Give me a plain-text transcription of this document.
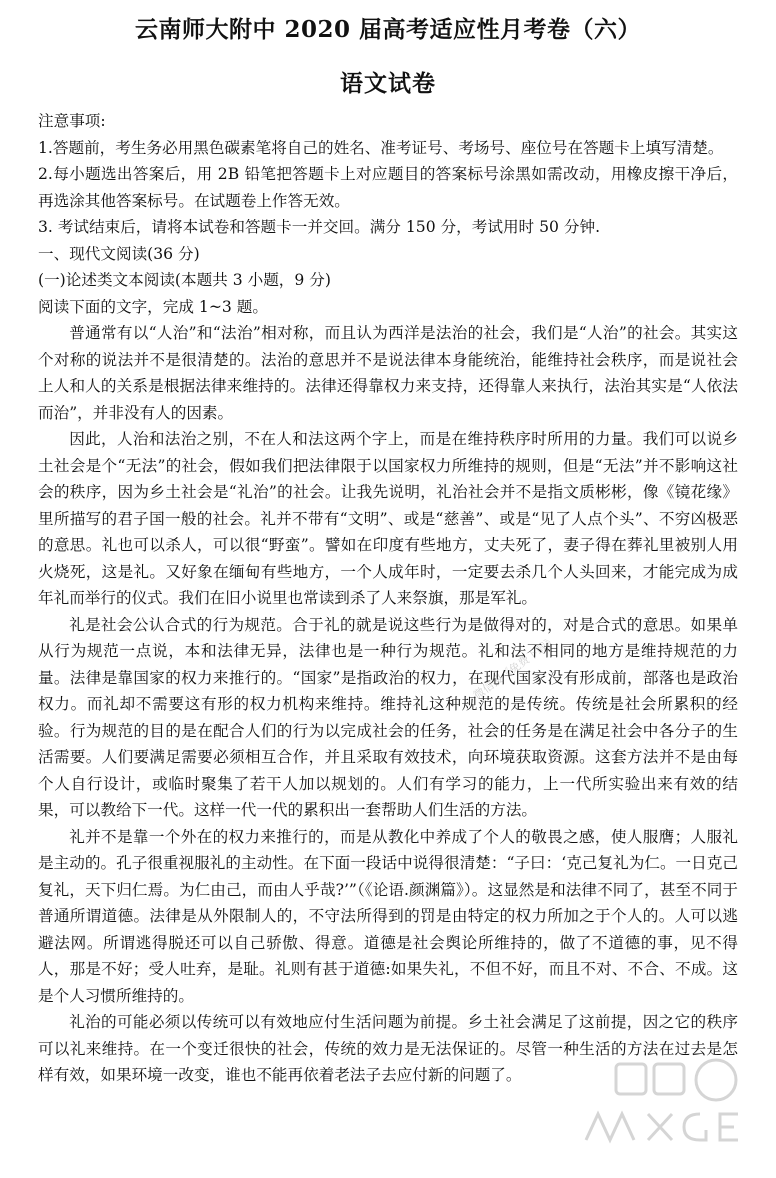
云南师大附中 2020 届高考适应性月考卷（六）
语文试卷

注意事项:

1.答题前，考生务必用黑色碳素笔将自己的姓名、准考证号、考场号、座位号在答题卡上填写清楚。

2.每小题选出答案后，用 2B 铅笔把答题卡上对应题目的答案标号涂黑如需改动，用橡皮擦干净后，再选涂其他答案标号。在试题卷上作答无效。

3. 考试结束后，请将本试卷和答题卡一并交回。满分 150 分，考试用时 50 分钟.

一、现代文阅读(36 分)

(一)论述类文本阅读(本题共 3 小题，9 分)

阅读下面的文字，完成 1~3 题。

普通常有以“人治”和“法治”相对称，而且认为西洋是法治的社会，我们是“人治”的社会。其实这个对称的说法并不是很清楚的。法治的意思并不是说法律本身能统治，能维持社会秩序，而是说社会上人和人的关系是根据法律来维持的。法律还得靠权力来支持，还得靠人来执行，法治其实是“人依法而治”，并非没有人的因素。

因此，人治和法治之别，不在人和法这两个字上，而是在维持秩序时所用的力量。我们可以说乡土社会是个“无法”的社会，假如我们把法律限于以国家权力所维持的规则，但是“无法”并不影响这社会的秩序，因为乡土社会是“礼治”的社会。让我先说明，礼治社会并不是指文质彬彬，像《镜花缘》里所描写的君子国一般的社会。礼并不带有“文明”、或是“慈善”、或是“见了人点个头”、不穷凶极恶的意思。礼也可以杀人，可以很“野蛮”。譬如在印度有些地方，丈夫死了，妻子得在葬礼里被别人用火烧死，这是礼。又好象在缅甸有些地方，一个人成年时，一定要去杀几个人头回来，才能完成为成年礼而举行的仪式。我们在旧小说里也常读到杀了人来祭旗，那是军礼。

礼是社会公认合式的行为规范。合于礼的就是说这些行为是做得对的，对是合式的意思。如果单从行为规范一点说，本和法律无异，法律也是一种行为规范。礼和法不相同的地方是维持规范的力量。法律是靠国家的权力来推行的。“国家”是指政治的权力，在现代国家没有形成前，部落也是政治权力。而礼却不需要这有形的权力机构来维持。维持礼这种规范的是传统。传统是社会所累积的经验。行为规范的目的是在配合人们的行为以完成社会的任务，社会的任务是在满足社会中各分子的生活需要。人们要满足需要必须相互合作，并且采取有效技术，向环境获取资源。这套方法并不是由每个人自行设计，或临时聚集了若干人加以规划的。人们有学习的能力，上一代所实验出来有效的结果，可以教给下一代。这样一代一代的累积出一套帮助人们生活的方法。

礼并不是靠一个外在的权力来推行的，而是从教化中养成了个人的敬畏之感，使人服膺；人服礼是主动的。孔子很重视服礼的主动性。在下面一段话中说得很清楚：“子曰：‘克己复礼为仁。一日克己复礼，天下归仁焉。为仁由己，而由人乎哉?’”（《论语.颜渊篇》）。这显然是和法律不同了，甚至不同于普通所谓道德。法律是从外限制人的，不守法所得到的罚是由特定的权力所加之于个人的。人可以逃避法网。所谓逃得脱还可以自己骄傲、得意。道德是社会舆论所维持的，做了不道德的事，见不得人，那是不好；受人吐弃，是耻。礼则有甚于道德:如果失礼，不但不好，而且不对、不合、不成。这是个人习惯所维持的。

礼治的可能必须以传统可以有效地应付生活问题为前提。乡土社会满足了这前提，因之它的秩序可以礼来维持。在一个变迁很快的社会，传统的效力是无法保证的。尽管一种生活的方法在过去是怎样有效，如果环境一改变，谁也不能再依着老法子去应付新的问题了。

微信搜《免费下载》
